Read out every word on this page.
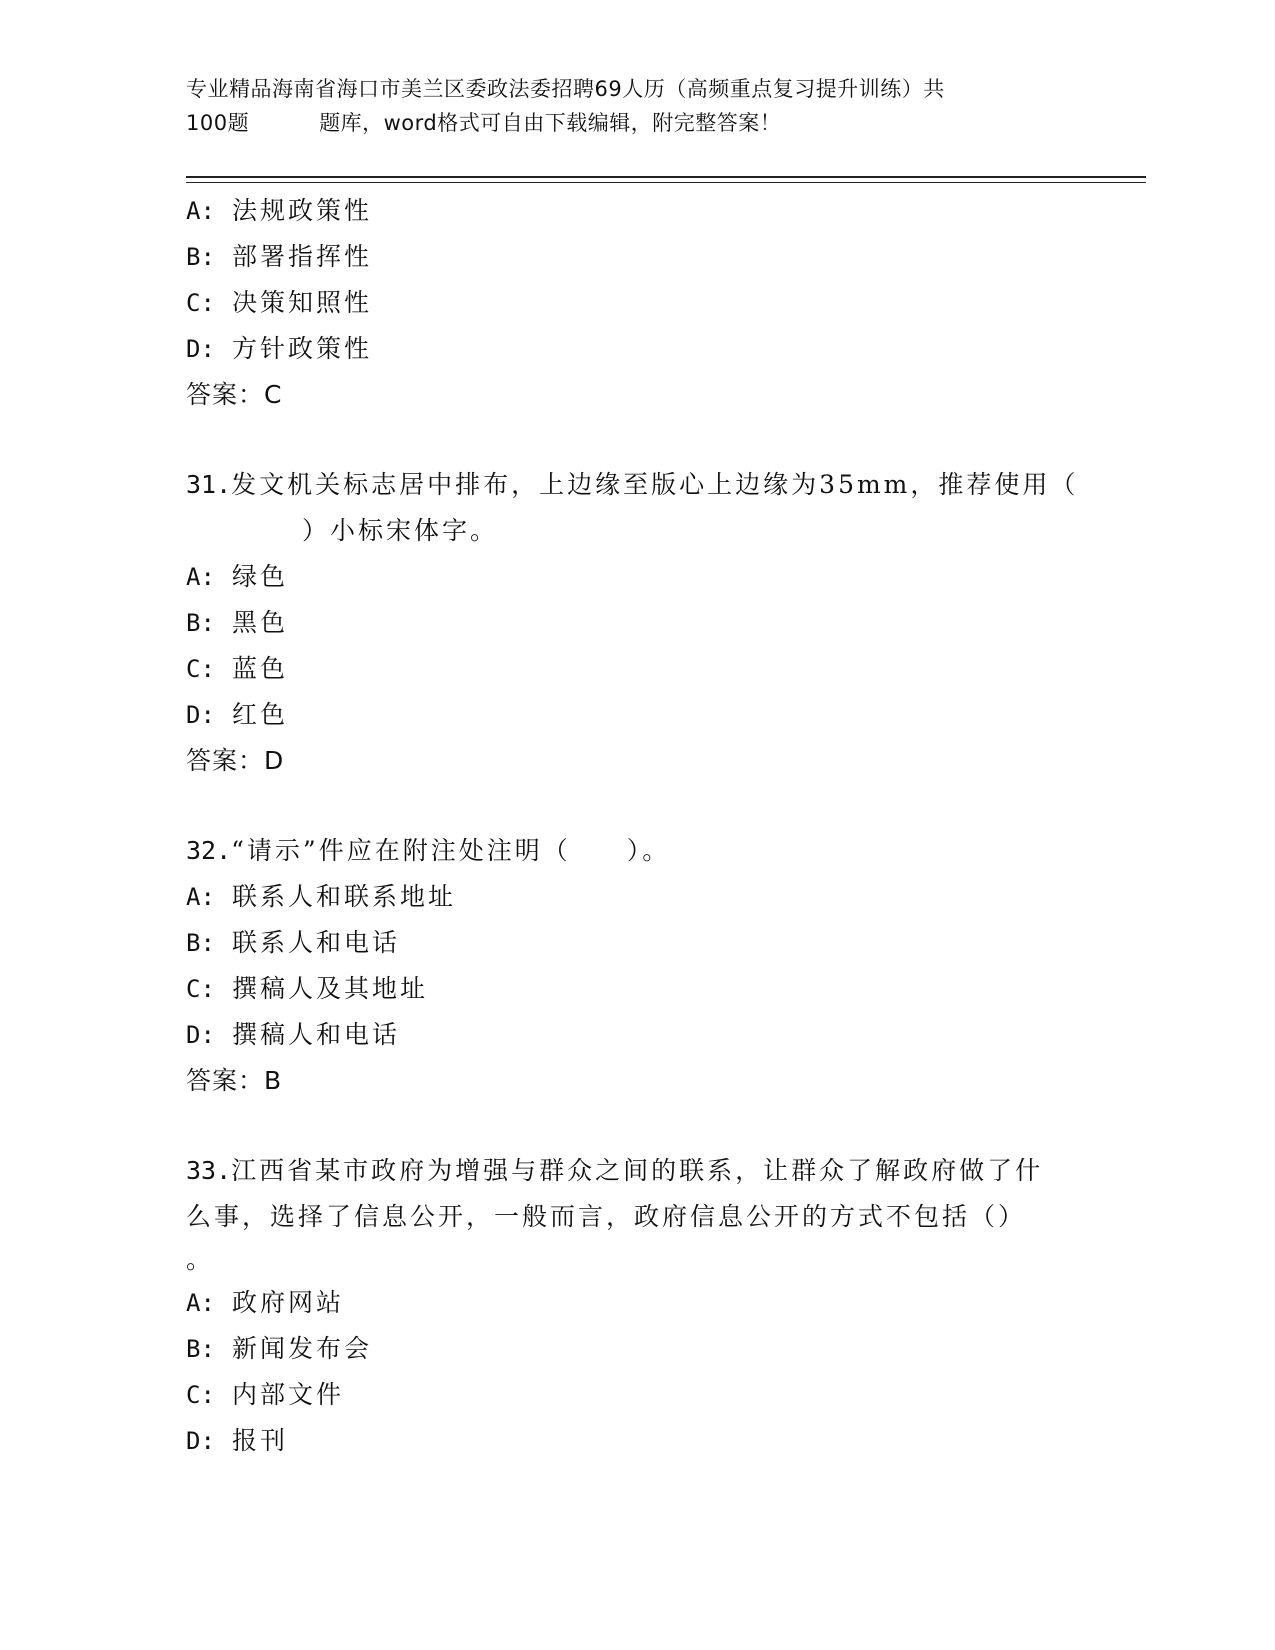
专业精品海南省海口市美兰区委政法委招聘69人历（高频重点复习提升训练）共
100题	题库，word格式可自由下载编辑，附完整答案！
A: 法规政策性
B: 部署指挥性
C: 决策知照性
D: 方针政策性
答案：C
31.发文机关标志居中排布，上边缘至版心上边缘为35mm，推荐使用（
）小标宋体字。
A: 绿色
B: 黑色
C: 蓝色
D: 红色
答案：D
32.“请示”件应在附注处注明（　　）。
A: 联系人和联系地址
B: 联系人和电话
C: 撰稿人及其地址
D: 撰稿人和电话
答案：B
33.江西省某市政府为增强与群众之间的联系，让群众了解政府做了什
么事，选择了信息公开，一般而言，政府信息公开的方式不包括（）
。
A: 政府网站
B: 新闻发布会
C: 内部文件
D: 报刊
